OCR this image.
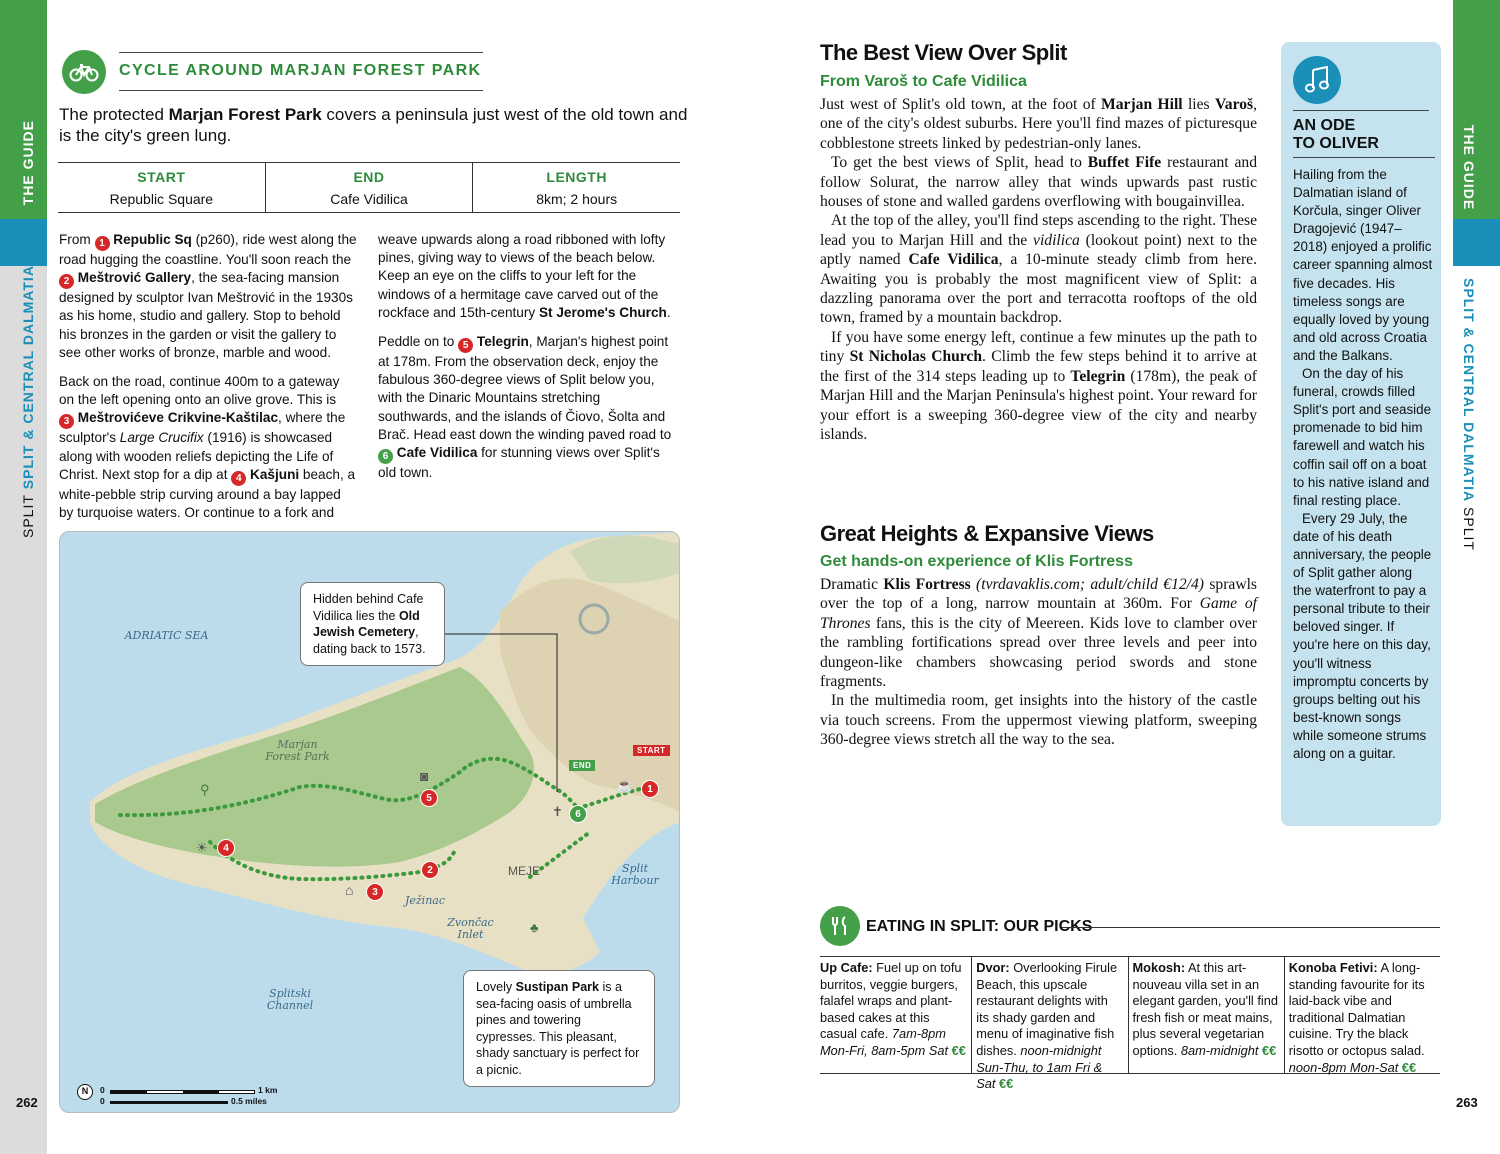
THE GUIDE
SPLIT SPLIT & CENTRAL DALMATIA
262
CYCLE AROUND MARJAN FOREST PARK
The protected Marjan Forest Park covers a peninsula just west of the old town and is the city's green lung.
START
Republic Square
END
Cafe Vidilica
LENGTH
8km; 2 hours

From 1 Republic Sq (p260), ride west along the road hugging the coastline. You'll soon reach the
2 Meštrović Gallery, the sea-facing mansion designed by sculptor Ivan Meštrović in the 1930s as his home, studio and gallery. Stop to behold his bronzes in the garden or visit the gallery to see other works of bronze, marble and wood.

Back on the road, continue 400m to a gateway on the left opening onto an olive grove. This is
3 Meštrovićeve Crikvine-Kaštilac, where the sculptor's Large Crucifix (1916) is showcased along with wooden reliefs depicting the Life of Christ. Next stop for a dip at 4 Kašjuni beach, a white-pebble strip curving around a bay lapped by turquoise waters. Or continue to a fork and

weave upwards along a road ribboned with lofty pines, giving way to views of the beach below. Keep an eye on the cliffs to your left for the windows of a hermitage cave carved out of the rockface and 15th-century St Jerome's Church.

Peddle on to 5 Telegrin, Marjan's highest point at 178m. From the observation deck, enjoy the fabulous 360-degree views of Split below you, with the Dinaric Mountains stretching southwards, and the islands of Čiovo, Šolta and Brač. Head east down the winding paved road to
6 Cafe Vidilica for stunning views over Split's old town.

ADRIATIC SEA
Marjan Forest Park
Split Harbour
Splitski Channel
Zvončac Inlet
Ježinac
MEJE
START
END
1
2
3
4
5
6
⚲
◙
☕
⌂
✝
♣
☀
Hidden behind Cafe Vidilica lies the Old Jewish Cemetery, dating back to 1573.
Lovely Sustipan Park is a sea-facing oasis of umbrella pines and towering cypresses. This pleasant, shady sanctuary is perfect for a picnic.
N	0
0
1 km
0.5 miles
THE GUIDE
SPLIT & CENTRAL DALMATIA SPLIT
263
The Best View Over Split
From Varoš to Cafe Vidilica

Just west of Split's old town, at the foot of Marjan Hill lies Varoš, one of the city's oldest suburbs. Here you'll find mazes of picturesque cobblestone streets linked by pedestrian-only lanes.

To get the best views of Split, head to Buffet Fife restaurant and follow Solurat, the narrow alley that winds upwards past rustic houses of stone and walled gardens overflowing with bougainvillea.

At the top of the alley, you'll find steps ascending to the right. These lead you to Marjan Hill and the vidilica (lookout point) next to the aptly named Cafe Vidilica, a 10-minute steady climb from here. Awaiting you is probably the most magnificent view of Split: a dazzling panorama over the port and terracotta rooftops of the old town, framed by a mountain backdrop.

If you have some energy left, continue a few minutes up the path to tiny St Nicholas Church. Climb the few steps behind it to arrive at the first of the 314 steps leading up to Telegrin (178m), the peak of Marjan Hill and the Marjan Peninsula's highest point. Your reward for your effort is a sweeping 360-degree view of the city and nearby islands.

Great Heights & Expansive Views
Get hands-on experience of Klis Fortress

Dramatic Klis Fortress (tvrdavaklis.com; adult/child €12/4) sprawls over the top of a long, narrow mountain at 360m. For Game of Thrones fans, this is the city of Meereen. Kids love to clamber over the rambling fortifications spread over three levels and peer into dungeon-like chambers showcasing period swords and stone fragments.

In the multimedia room, get insights into the history of the castle via touch screens. From the uppermost viewing platform, sweeping 360-degree views stretch all the way to the sea.

AN ODE
TO OLIVER

Hailing from the Dalmatian island of Korčula, singer Oliver Dragojević (1947–2018) enjoyed a prolific career spanning almost five decades. His timeless songs are equally loved by young and old across Croatia and the Balkans.

On the day of his funeral, crowds filled Split's port and seaside promenade to bid him farewell and watch his coffin sail off on a boat to his native island and final resting place.

Every 29 July, the date of his death anniversary, the people of Split gather along the waterfront to pay a personal tribute to their beloved singer. If you're here on this day, you'll witness impromptu concerts by groups belting out his best-known songs while someone strums along on a guitar.

EATING IN SPLIT: OUR PICKS
Up Cafe: Fuel up on tofu burritos, veggie burgers, falafel wraps and plant-based cakes at this casual cafe. 7am-8pm Mon-Fri, 8am-5pm Sat €€
Dvor: Overlooking Firule Beach, this upscale restaurant delights with its shady garden and menu of imaginative fish dishes. noon-midnight Sun-Thu, to 1am Fri & Sat €€
Mokosh: At this art-nouveau villa set in an elegant garden, you'll find fresh fish or meat mains, plus several vegetarian options. 8am-midnight €€
Konoba Fetivi: A long-standing favourite for its laid-back vibe and traditional Dalmatian cuisine. Try the black risotto or octopus salad. noon-8pm Mon-Sat €€
